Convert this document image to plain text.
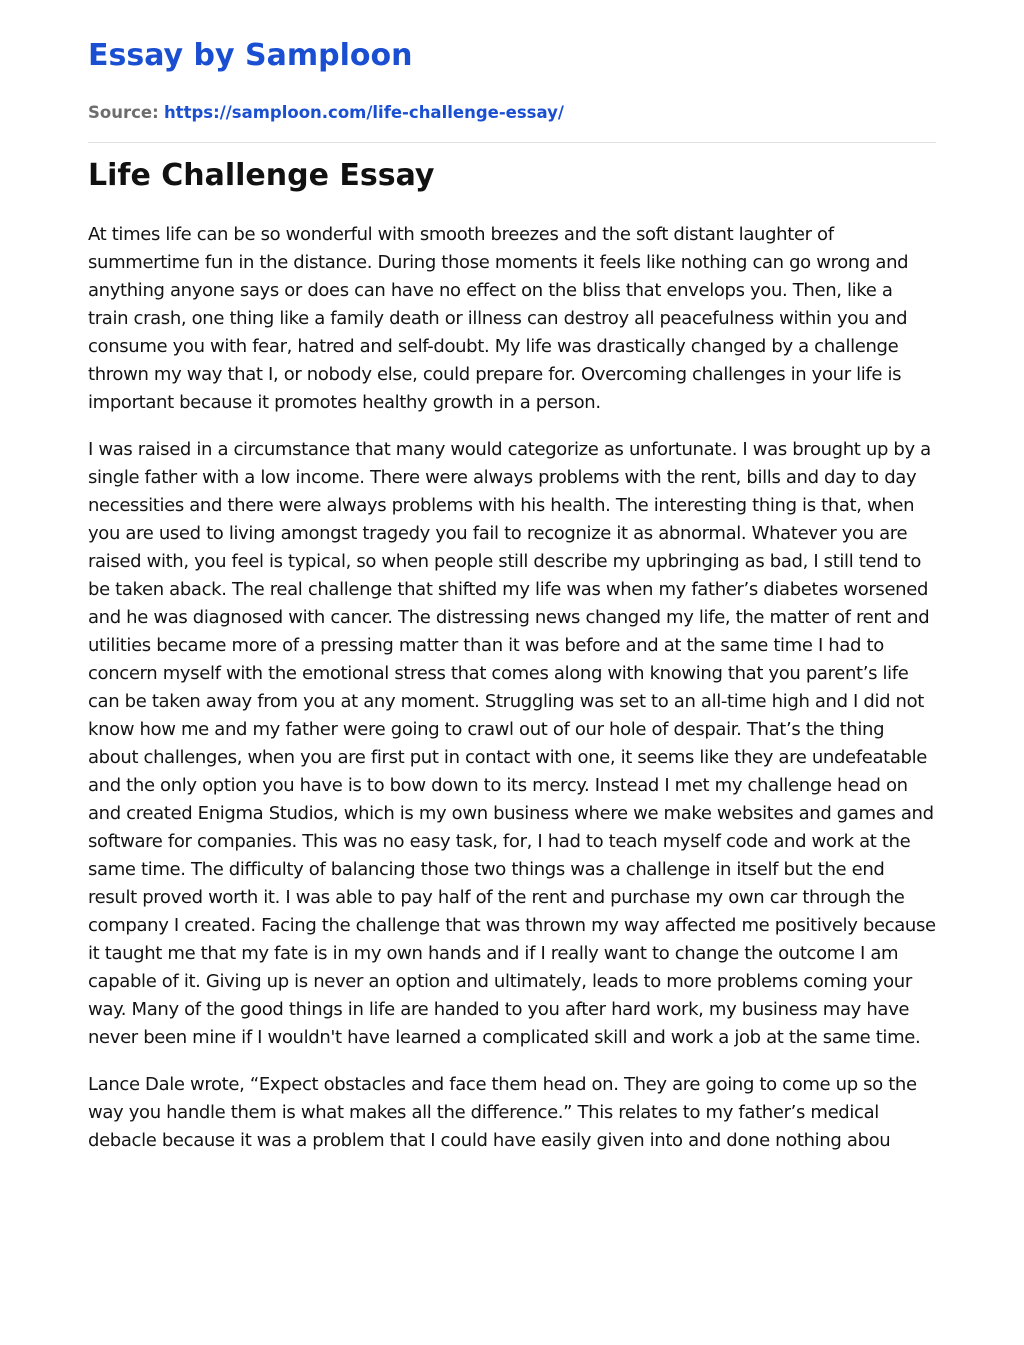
Essay by Samploon

Source: https://samploon.com/life-challenge-essay/

Life Challenge Essay

At times life can be so wonderful with smooth breezes and the soft distant laughter of summertime fun in the distance. During those moments it feels like nothing can go wrong and anything anyone says or does can have no effect on the bliss that envelops you. Then, like a train crash, one thing like a family death or illness can destroy all peacefulness within you and consume you with fear, hatred and self-doubt. My life was drastically changed by a challenge thrown my way that I, or nobody else, could prepare for. Overcoming challenges in your life is important because it promotes healthy growth in a person.

I was raised in a circumstance that many would categorize as unfortunate. I was brought up by a single father with a low income. There were always problems with the rent, bills and day to day necessities and there were always problems with his health. The interesting thing is that, when you are used to living amongst tragedy you fail to recognize it as abnormal. Whatever you are raised with, you feel is typical, so when people still describe my upbringing as bad, I still tend to be taken aback. The real challenge that shifted my life was when my father’s diabetes worsened and he was diagnosed with cancer. The distressing news changed my life, the matter of rent and utilities became more of a pressing matter than it was before and at the same time I had to concern myself with the emotional stress that comes along with knowing that you parent’s life can be taken away from you at any moment. Struggling was set to an all-time high and I did not know how me and my father were going to crawl out of our hole of despair. That’s the thing about challenges, when you are first put in contact with one, it seems like they are undefeatable and the only option you have is to bow down to its mercy. Instead I met my challenge head on and created Enigma Studios, which is my own business where we make websites and games and software for companies. This was no easy task, for, I had to teach myself code and work at the same time. The difficulty of balancing those two things was a challenge in itself but the end result proved worth it. I was able to pay half of the rent and purchase my own car through the company I created. Facing the challenge that was thrown my way affected me positively because it taught me that my fate is in my own hands and if I really want to change the outcome I am capable of it. Giving up is never an option and ultimately, leads to more problems coming your way. Many of the good things in life are handed to you after hard work, my business may have never been mine if I wouldn't have learned a complicated skill and work a job at the same time.

Lance Dale wrote, “Expect obstacles and face them head on. They are going to come up so the way you handle them is what makes all the difference.” This relates to my father’s medical debacle because it was a problem that I could have easily given into and done nothing abou
